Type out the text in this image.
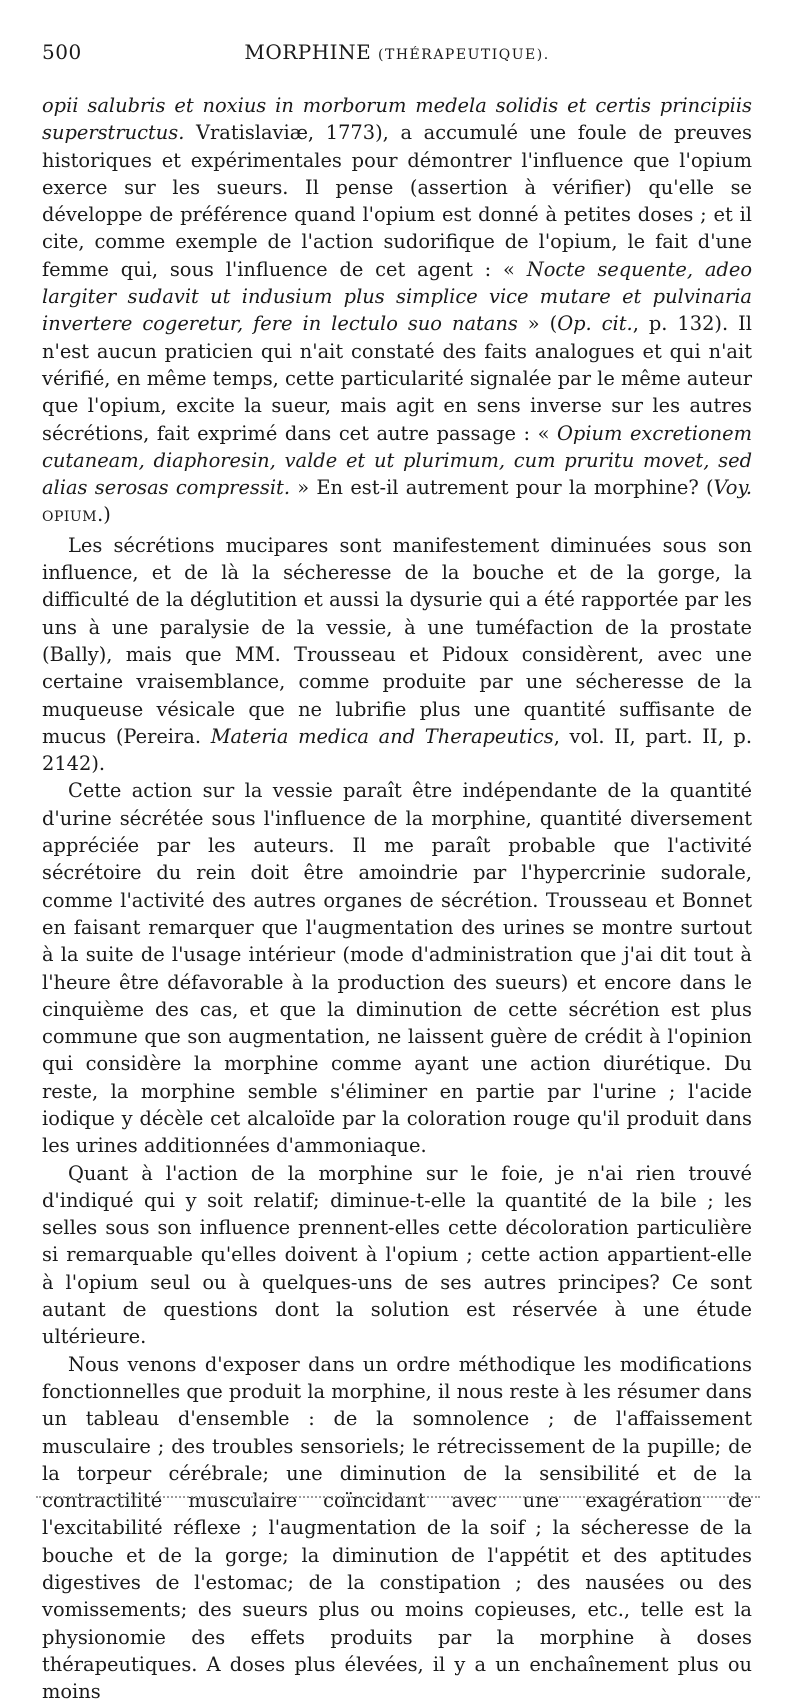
500	MORPHINE (THÉRAPEUTIQUE).

opii salubris et noxius in morborum medela solidis et certis principiis superstructus. Vratislaviæ, 1773), a accumulé une foule de preuves historiques et expérimentales pour démontrer l'influence que l'opium exerce sur les sueurs. Il pense (assertion à vérifier) qu'elle se développe de préférence quand l'opium est donné à petites doses ; et il cite, comme exemple de l'action sudorifique de l'opium, le fait d'une femme qui, sous l'influence de cet agent : « Nocte sequente, adeo largiter sudavit ut indusium plus simplice vice mutare et pulvinaria invertere cogeretur, fere in lectulo suo natans » (Op. cit., p. 132). Il n'est aucun praticien qui n'ait constaté des faits analogues et qui n'ait vérifié, en même temps, cette particularité signalée par le même auteur que l'opium, excite la sueur, mais agit en sens inverse sur les autres sécrétions, fait exprimé dans cet autre passage : « Opium excretionem cutaneam, diaphoresin, valde et ut plurimum, cum pruritu movet, sed alias serosas compressit. » En est-il autrement pour la morphine? (Voy. OPIUM.)

Les sécrétions mucipares sont manifestement diminuées sous son influence, et de là la sécheresse de la bouche et de la gorge, la difficulté de la déglutition et aussi la dysurie qui a été rapportée par les uns à une paralysie de la vessie, à une tuméfaction de la prostate (Bally), mais que MM. Trousseau et Pidoux considèrent, avec une certaine vraisemblance, comme produite par une sécheresse de la muqueuse vésicale que ne lubrifie plus une quantité suffisante de mucus (Pereira. Materia medica and Therapeutics, vol. II, part. II, p. 2142).

Cette action sur la vessie paraît être indépendante de la quantité d'urine sécrétée sous l'influence de la morphine, quantité diversement appréciée par les auteurs. Il me paraît probable que l'activité sécrétoire du rein doit être amoindrie par l'hypercrinie sudorale, comme l'activité des autres organes de sécrétion. Trousseau et Bonnet en faisant remarquer que l'augmentation des urines se montre surtout à la suite de l'usage intérieur (mode d'administration que j'ai dit tout à l'heure être défavorable à la production des sueurs) et encore dans le cinquième des cas, et que la diminution de cette sécrétion est plus commune que son augmentation, ne laissent guère de crédit à l'opinion qui considère la morphine comme ayant une action diurétique. Du reste, la morphine semble s'éliminer en partie par l'urine ; l'acide iodique y décèle cet alcaloïde par la coloration rouge qu'il produit dans les urines additionnées d'ammoniaque.

Quant à l'action de la morphine sur le foie, je n'ai rien trouvé d'indiqué qui y soit relatif; diminue-t-elle la quantité de la bile ; les selles sous son influence prennent-elles cette décoloration particulière si remarquable qu'elles doivent à l'opium ; cette action appartient-elle à l'opium seul ou à quelques-uns de ses autres principes? Ce sont autant de questions dont la solution est réservée à une étude ultérieure.

Nous venons d'exposer dans un ordre méthodique les modifications fonctionnelles que produit la morphine, il nous reste à les résumer dans un tableau d'ensemble : de la somnolence ; de l'affaissement musculaire ; des troubles sensoriels; le rétrecissement de la pupille; de la torpeur cérébrale; une diminution de la sensibilité et de la contractilité musculaire coïncidant avec une exagération de l'excitabilité réflexe ; l'augmentation de la soif ; la sécheresse de la bouche et de la gorge; la diminution de l'appétit et des aptitudes digestives de l'estomac; de la constipation ; des nausées ou des vomissements; des sueurs plus ou moins copieuses, etc., telle est la physionomie des effets produits par la morphine à doses thérapeutiques. A doses plus élevées, il y a un enchaînement plus ou moins
